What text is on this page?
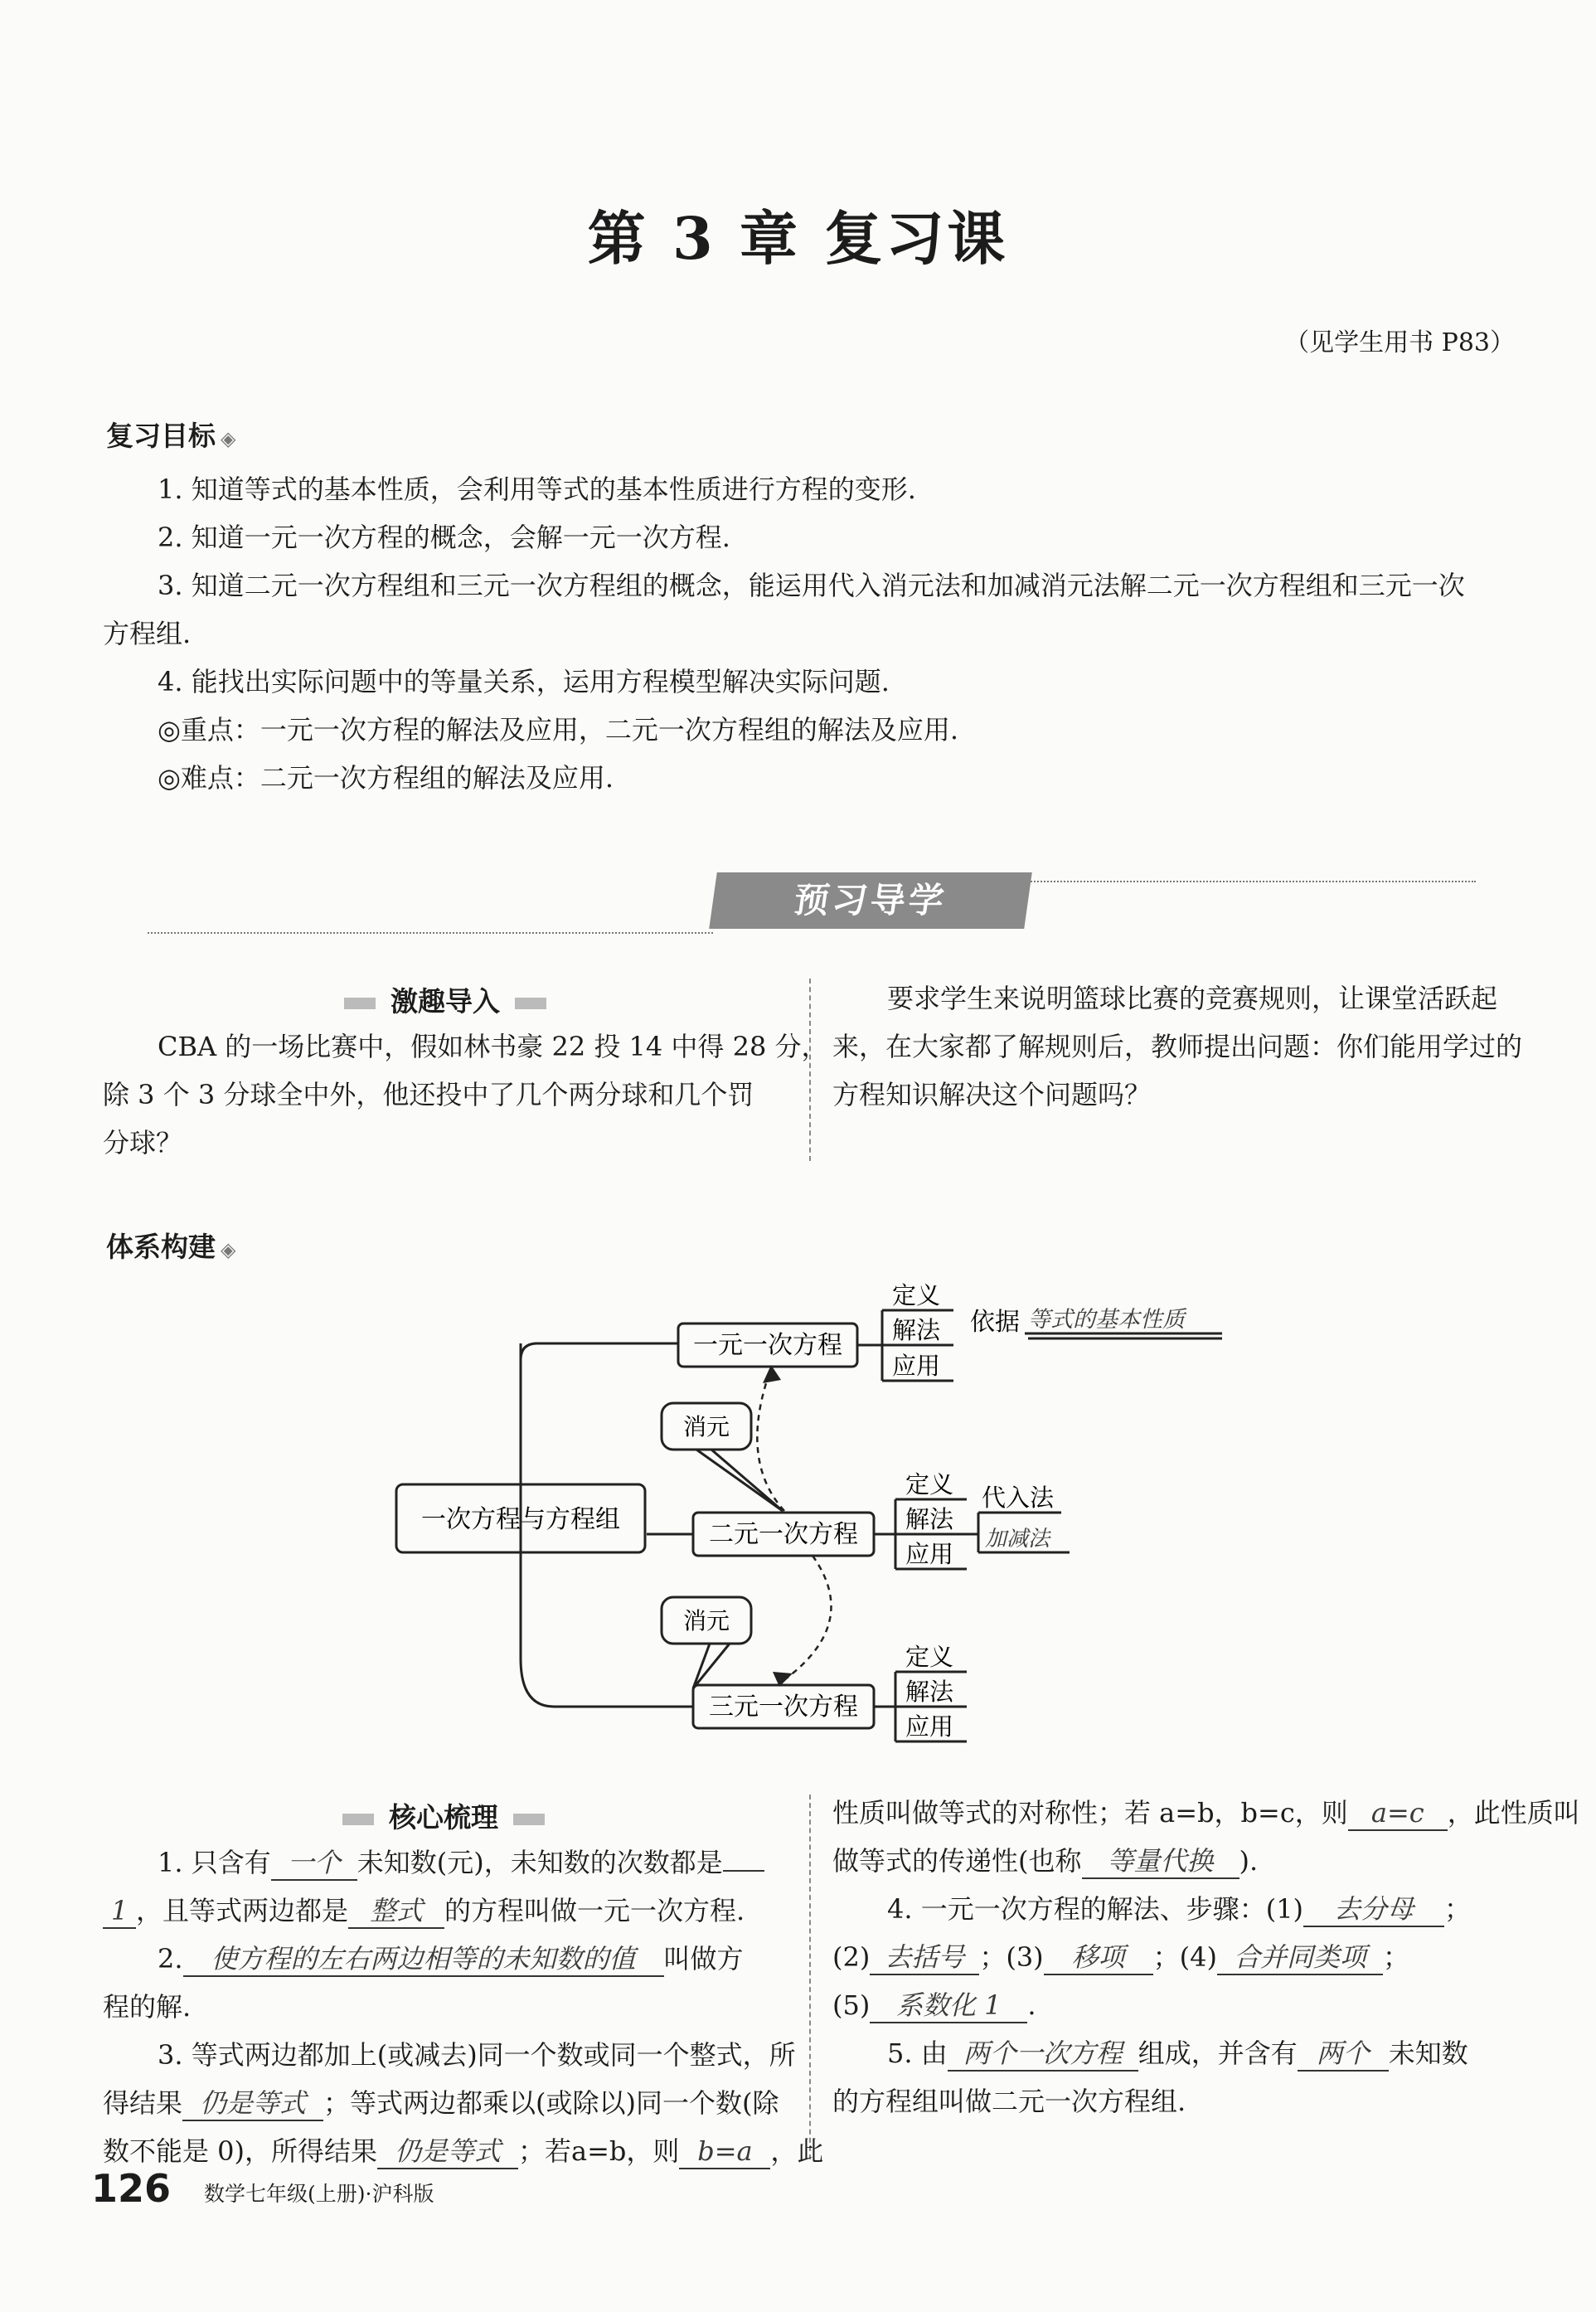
第 3 章 复习课
（见学生用书 P83）
复习目标 ◈
1. 知道等式的基本性质，会利用等式的基本性质进行方程的变形.
2. 知道一元一次方程的概念，会解一元一次方程.
3. 知道二元一次方程组和三元一次方程组的概念，能运用代入消元法和加减消元法解二元一次方程组和三元一次
方程组.
4. 能找出实际问题中的等量关系，运用方程模型解决实际问题.
◎重点：一元一次方程的解法及应用，二元一次方程组的解法及应用.
◎难点：二元一次方程组的解法及应用.
预习导学
激趣导入
CBA 的一场比赛中，假如林书豪 22 投 14 中得 28 分，
除 3 个 3 分球全中外，他还投中了几个两分球和几个罚
分球？
要求学生来说明篮球比赛的竞赛规则，让课堂活跃起
来，在大家都了解规则后，教师提出问题：你们能用学过的
方程知识解决这个问题吗？
体系构建 ◈
一次方程与方程组
一元一次方程
二元一次方程
三元一次方程
消元
消元
定义
解法
应用
依据 等式的基本性质
定义
解法
应用
代入法
加减法
定义
解法
应用
核心梳理
1. 只含有 一个 未知数(元)，未知数的次数都是
1 ，且等式两边都是 整式 的方程叫做一元一次方程.
2. 使方程的左右两边相等的未知数的值 叫做方
程的解.
3. 等式两边都加上(或减去)同一个数或同一个整式，所
得结果 仍是等式 ；等式两边都乘以(或除以)同一个数(除
数不能是 0)，所得结果 仍是等式 ；若a=b，则 b=a ，此
性质叫做等式的对称性；若 a=b，b=c，则 a=c ，此性质叫
做等式的传递性(也称 等量代换 ).
4. 一元一次方程的解法、步骤：(1) 去分母 ；
(2) 去括号 ；(3) 移项 ；(4) 合并同类项 ；
(5) 系数化 1 .
5. 由 两个一次方程 组成，并含有 两个 未知数
的方程组叫做二元一次方程组.
126 数学七年级(上册)·沪科版
